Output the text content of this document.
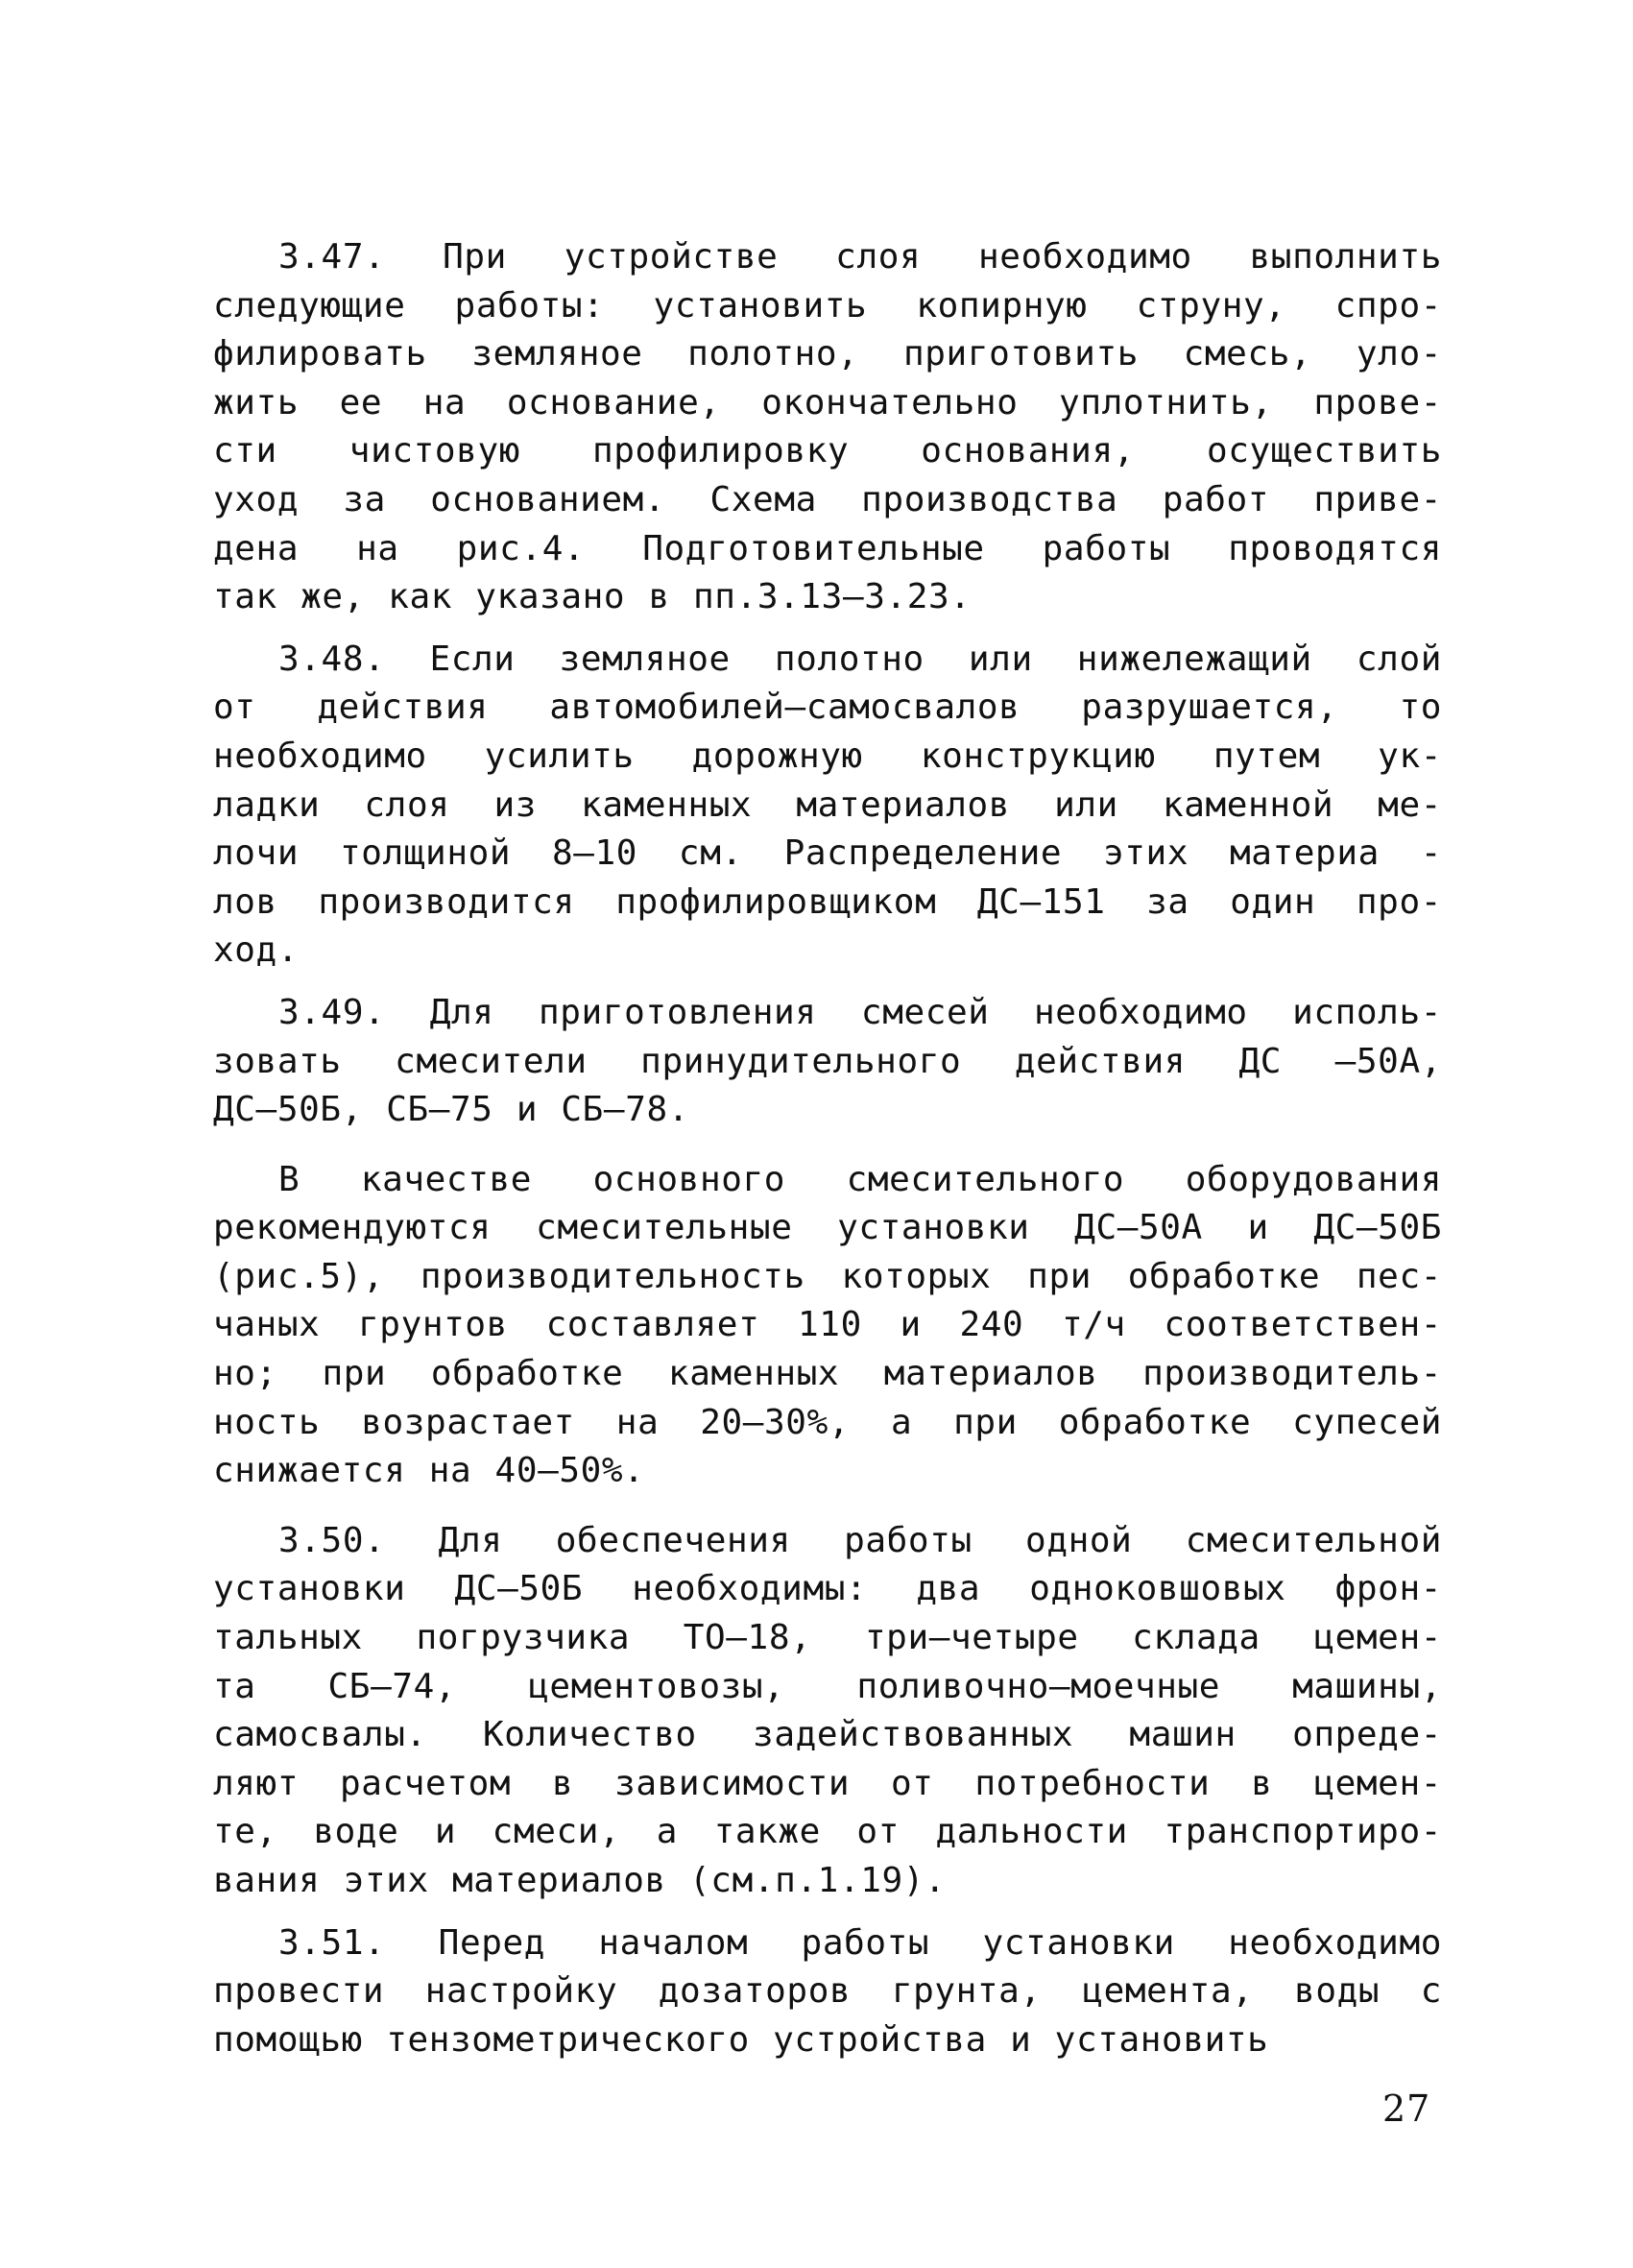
3.47. При устройстве слоя необходимо выполнить
следующие работы: установить копирную струну, спро-
филировать земляное полотно, приготовить смесь, уло-
жить ее на основание, окончательно уплотнить, прове-
сти чистовую профилировку основания, осуществить
уход за основанием. Схема производства работ приве-
дена на рис.4. Подготовительные работы проводятся
так же, как указано в пп.3.13–3.23.
3.48. Если земляное полотно или нижележащий слой
от действия автомобилей–самосвалов разрушается, то
необходимо усилить дорожную конструкцию путем ук-
ладки слоя из каменных материалов или каменной ме-
лочи толщиной 8–10 см. Распределение этих материа -
лов производится профилировщиком ДС–151 за один про-
ход.
3.49. Для приготовления смесей необходимо исполь-
зовать смесители принудительного действия ДС –50А,
ДС–50Б, СБ–75 и СБ–78.
В качестве основного смесительного оборудования
рекомендуются смесительные установки ДС–50А и ДС–50Б
(рис.5), производительность которых при обработке пес-
чаных грунтов составляет 110 и 240 т/ч соответствен-
но; при обработке каменных материалов производитель-
ность возрастает на 20–30%, а при обработке супесей
снижается на 40–50%.
3.50. Для обеспечения работы одной смесительной
установки ДС–50Б необходимы: два одноковшовых фрон-
тальных погрузчика ТО–18, три–четыре склада цемен-
та СБ–74, цементовозы, поливочно–моечные машины,
самосвалы. Количество задействованных машин опреде-
ляют расчетом в зависимости от потребности в цемен-
те, воде и смеси, а также от дальности транспортиро-
вания этих материалов (см.п.1.19).
3.51. Перед началом работы установки необходимо
провести настройку дозаторов грунта, цемента, воды с
помощью тензометрического устройства и установить
27
